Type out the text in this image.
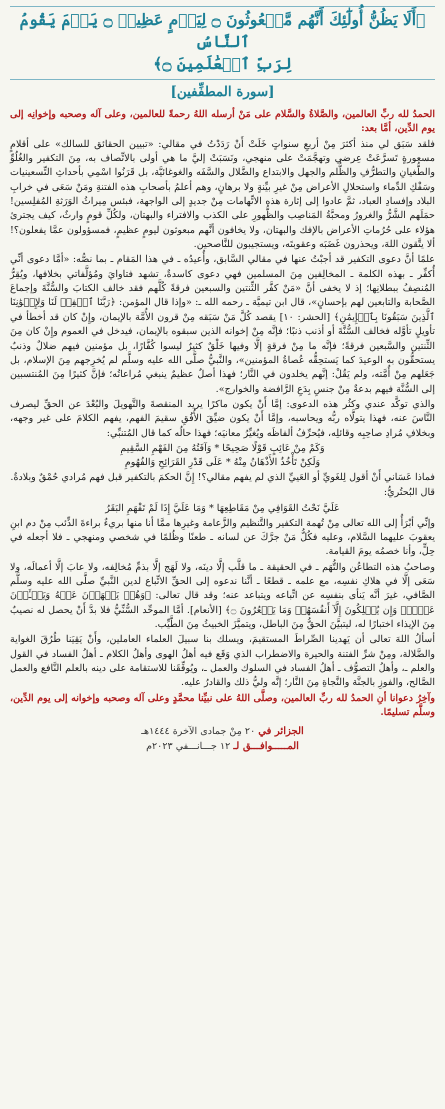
﴿أَلَا يَظُنُّ أُولَٰٓئِكَ أَنَّهُم مَّبۡعُوثُونَ ۝ لِيَوۡمٍ عَظِيمٖ ۝ يَوۡمَ يَقُومُ ٱلنَّاسُ

لِرَبِّ ٱلۡعَٰلَمِينَ ۝﴾

[سورة المطفِّفين]

الحمدُ لله ربِّ العالمين، والصَّلاةُ والسَّلام على مَنْ أرسله اللهُ رحمةً للعالمين، وعلى آله وصحبه وإخوانِه إلى يوم الدِّين، أمَّا بعد:

فلقد سَبَق لي منذ أكثرَ مِنْ أربعِ سنواتٍ خَلَتْ أَنْ رَدَدْتُ في مقالي: «تبيين الحقائق للسالك» على أقلامٍ مسعورةٍ تَسرَّعَتْ عِرضي وتهجَّمَتْ على منهجي، ونَسَبَتْ إليَّ ما هي أولى بالاتِّصاف به، مِنَ التكفير والغُلُوِّ والطُّغيانِ والتطرُّفِ والظُّلم والجهل والابتداع والضَّلال والسَّفَه والغوغائيَّة، بل قَرَنُوا اسْمِي بأحداثِ التِّسعينيات وسَفْكِ الدِّماء واستحلالِ الأعراض مِنْ غيرِ بيِّنةٍ ولا برهانٍ، وهم أعلمُ بأصحابِ هذه الفتنةِ ومَنْ سَعَى في خرابِ البلاد وإفسادِ العباد، ثمَّ عادوا إلى إثارة هذه الاتِّهامات مِنْ جديدٍ إلى الواجهة، فبئس مِيراثُ الوَرَثةِ المُفلِسين! حمَلَهم الشَّرُّ والغرورُ ومحبَّةُ المَناصِب والظُّهورِ على الكذب والافتراء والبهتان، ولكُلِّ قومٍ وارثٌ، كيف يجترئ هؤلاء على حُرُماتِ الأعراض بالإفك والبهتان، ولا يخافون أنَّهم مبعوثون ليومٍ عظيمٍ، فمسؤولون عمَّا يفعلون؟! ألا يتَّقون اللهَ، ويحذرون غَضَبَه وعقوبتَه، ويستجيبون للنَّاصحين.

علمًا أنَّ دعوى التكفير قد أجبْتُ عنها في مقالي السَّابق، وأُعيدُه ـ في هذا المَقام ـ بما نصُّه: «أمَّا دعوى أنِّي أُكفِّر ـ بهذه الكلمة ـ المخالِفين مِنَ المسلمين فهي دعوى كاسدةٌ، تشهد فتاوايَ ومُؤلَّفاتي بخلافها، ويُقِرُّ المُنصِفُ ببطلانِها؛ إذ لا يخفى أنَّ «مَنْ كفَّر الثِّنتين والسبعين فرقةً كُلَّهم فقد خالف الكتابَ والسُّنَّةَ وإجماعَ الصَّحابة والتابعين لهم بإحسانٍ»، قال ابن تيميَّة ـ رحمه الله ـ: «وإذا قال المؤمن: ﴿رَبَّنَا ٱغۡفِرۡ لَنَا وَلِإِخۡوَٰنِنَا ٱلَّذِينَ سَبَقُونَا بِٱلۡإِيمَٰنِ﴾ [الحشر: ١٠] يقصد كُلَّ مَنْ سَبَقه مِنْ قرون الأُمَّة بالإيمان، وإِنْ كان قد أخطأ في تأويلٍ تأوَّله فخالف السُّنَّةَ أو أذنب ذنبًا؛ فإنَّه مِنْ إخوانه الذين سبقوه بالإيمان، فيدخل في العموم وإِنْ كان مِنَ الثِّنتين والسَّبعين فرقةً؛ فإنَّه ما مِنْ فرقةٍ إلَّا وفيها خَلْقٌ كثيرٌ ليسوا كُفَّارًا، بل مؤمنين فيهم ضلالٌ وذنبٌ يستحقُّون به الوعيدَ كما يَستحِقُّه عُصاةُ المؤمنين»، والنَّبيُّ صلَّى الله عليه وسلَّم لم يُخرِجهم مِنَ الإسلام، بل جَعَلهم مِنْ أُمَّته، ولم يَقُلْ: إنَّهم يخلدون في النَّار؛ فهذا أصلٌ عظيمٌ ينبغي مُراعاتُه؛ فإنَّ كثيرًا مِنَ المُنتسبين إلى السُّنَّة فيهم بدعةٌ مِنْ جنسِ بِدَعِ الرَّافضة والخوارج».

والذي توكَّد عندي وكثُر هذه الدعوى: إمَّا أَنْ يكون ماكرًا يريد المنقصةَ والتَّهويلَ والبُعْدَ عن الحقِّ ليصرف النَّاسَ عنه، فهذا يتولَّاه ربُّه ويحاسبه، وإمَّا أَنْ يكون ضيِّقَ الأُفُقِ سقيمَ الفهم، يفهم الكلامَ على غير وجهه، وبخلافِ مُرادِ صاحِبِه وقائلِه، فيُحرِّفُ ألفاظَه ويُغيِّرُ معانيَه؛ فهذا حالُه كما قال المُتنبِّي:

وَكَمْ مِنْ عَائِبٍ قَوْلًا صَحِيحًا * وَآفَتُهُ مِنَ الفَهْمِ السَّقِيمِ
وَلَكِنْ تَأْخُذُ الأَذْهَانُ مِنْهُ * عَلَى قَدْرِ القَرَائِحِ وَالفُهُومِ

فماذا عَسَاني أَنْ أقول لِلغَويِّ أو العَييِّ الذي لم يفهم مقالي؟! إِنَّ الحكمَ بالتكفير قبل فهم مُرادي حُمْقٌ وبلادةٌ.

قال البُحتُريُّ:

عَلَيَّ نَحْتُ القَوَافِي مِنْ مَقَاطِعِهَا * وَمَا عَلَيَّ إِذَا لَمْ تَفْهَمِ البَقَرُ

وإنِّي أبْرَأُ إلى الله تعالى مِنْ تُهمة التكفير والتَّنظيم والزَّعامة وغيرِها ممَّا أنا منها بريءٌ براءةَ الذِّئب مِنْ دم ابنِ يعقوبَ عليهما السَّلام، وعليه فكُلُّ مَنْ جرَّكَ عن لسانه ـ طعنًا وظُلمًا في شخصي ومنهجي ـ فلا أجعله في حِلٍّ، وأنا خصمُه يومَ القيامة.

وصاحبُ هذه التطاعُن والتُّهَم ـ في الحقيقة ـ ما قلَّب إلَّا دينَه، ولا لَهَج إلَّا بذمِّ مُخالِفه، ولا عابَ إلَّا أعمالَه، ولا سَعَى إلَّا في هلاكِ نفسِه، مع علمه ـ قطعًا ـ أنَّنا ندعوه إلى الحقِّ الاتِّباع لدين النَّبيِّ صلَّى الله عليه وسلَّم الصَّافي، غيرَ أنَّه يَنأى بنفسِه عن اتِّباعه ويتباعد عنه؛ وقد قال تعالى: ﴿وَهُمۡ يَنۡهَوۡنَ عَنۡهُ وَيَنۡـَٔوۡنَ عَنۡهُۖ وَإِن يُهۡلِكُونَ إِلَّآ أَنفُسَهُمۡ وَمَا يَشۡعُرُونَ ۝﴾ [الأنعام]. أمَّا الموحِّد السُّنِّيُّ فلا بدَّ أَنْ يحصل له نصيبٌ مِنَ الإيذاء اختبارًا له، ليتبيَّنَ الحقُّ مِنَ الباطل، ويتميَّزَ الخبيثُ مِنَ الطَّيِّب.

أسألُ اللهَ تعالى أن يَهدينا الصِّراطَ المستقيمَ، ويسلك بنا سبيلَ العلماء العاملين، وأَنْ يَقِيَنا طُرُقَ الغواية والضَّلالة، ومِنْ شرِّ الفتنة والحيرة والاضطراب الذي وَقَع فيه أهلُ الهوى وأهلُ الكلام ـ أهلُ الفساد في القول والعلم ـ، وأهلُ التصوُّف ـ أهلُ الفساد في السلوك والعمل ـ، ويُوفِّقَنا للاستقامة على دينه بالعلم النَّافع والعمل الصَّالح، والفوزِ بالجنَّة والنَّجاةِ مِنَ النَّار؛ إنَّه وليُّ ذلك والقادرُ عليه.

وآخِرُ دعوانا أنِ الحمدُ لله ربِّ العالمين، وصلَّى اللهُ على نبيِّنا محمَّدٍ وعلى آله وصحبه وإخوانه إلى يوم الدِّين، وسلَّم تسليمًا.

الجزائر في ٢٠ مِنْ جمادى الآخرة ١٤٤٤هـ
المـــــوافـــق لـ ١٢ جـــانـــفي ٢٠٢٣م
